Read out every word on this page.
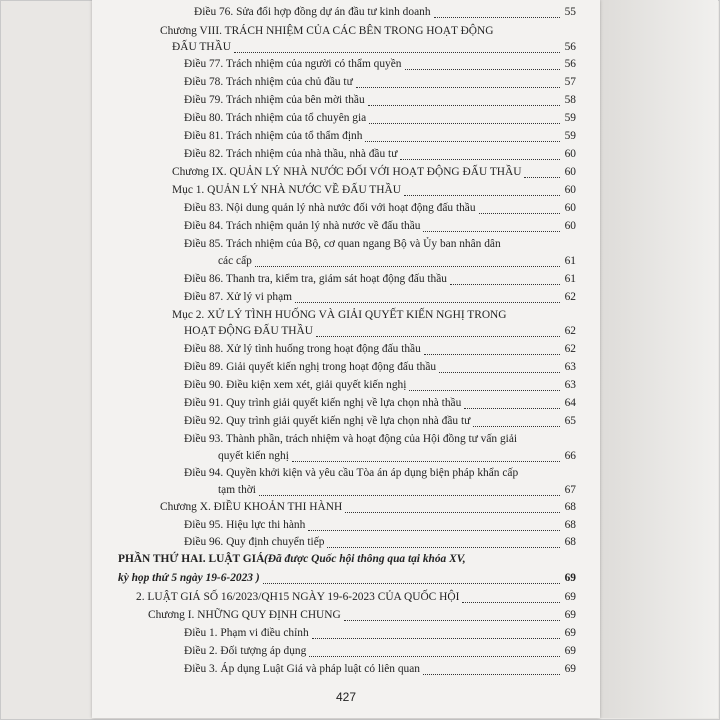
Điều 76. Sửa đổi hợp đồng dự án đầu tư kinh doanh	55
Chương VIII. TRÁCH NHIỆM CỦA CÁC BÊN TRONG HOẠT ĐỘNG
ĐẤU THẦU	56
Điều 77. Trách nhiệm của người có thẩm quyền	56
Điều 78. Trách nhiệm của chủ đầu tư	57
Điều 79. Trách nhiệm của bên mời thầu	58
Điều 80. Trách nhiệm của tổ chuyên gia	59
Điều 81. Trách nhiệm của tổ thẩm định	59
Điều 82. Trách nhiệm của nhà thầu, nhà đầu tư	60
Chương IX. QUẢN LÝ NHÀ NƯỚC ĐỐI VỚI HOẠT ĐỘNG ĐẤU THẦU	60
Mục 1. QUẢN LÝ NHÀ NƯỚC VỀ ĐẤU THẦU	60
Điều 83. Nội dung quản lý nhà nước đối với hoạt động đấu thầu	60
Điều 84. Trách nhiệm quản lý nhà nước về đấu thầu	60
Điều 85. Trách nhiệm của Bộ, cơ quan ngang Bộ và Ủy ban nhân dân
các cấp	61
Điều 86. Thanh tra, kiểm tra, giám sát hoạt động đấu thầu	61
Điều 87. Xử lý vi phạm	62
Mục 2. XỬ LÝ TÌNH HUỐNG VÀ GIẢI QUYẾT KIẾN NGHỊ TRONG
HOẠT ĐỘNG ĐẤU THẦU	62
Điều 88. Xử lý tình huống trong hoạt động đấu thầu	62
Điều 89. Giải quyết kiến nghị trong hoạt động đấu thầu	63
Điều 90. Điều kiện xem xét, giải quyết kiến nghị	63
Điều 91. Quy trình giải quyết kiến nghị về lựa chọn nhà thầu	64
Điều 92. Quy trình giải quyết kiến nghị về lựa chọn nhà đầu tư	65
Điều 93. Thành phần, trách nhiệm và hoạt động của Hội đồng tư vấn giải
quyết kiến nghị	66
Điều 94. Quyền khởi kiện và yêu cầu Tòa án áp dụng biện pháp khẩn cấp
tạm thời	67
Chương X. ĐIỀU KHOẢN THI HÀNH	68
Điều 95. Hiệu lực thi hành	68
Điều 96. Quy định chuyển tiếp	68
PHẦN THỨ HAI. LUẬT GIÁ (Đã được Quốc hội thông qua tại khóa XV,
kỳ họp thứ 5 ngày 19-6-2023 )	69
2. LUẬT GIÁ SỐ 16/2023/QH15 NGÀY 19-6-2023 CỦA QUỐC HỘI	69
Chương I. NHỮNG QUY ĐỊNH CHUNG	69
Điều 1. Phạm vi điều chỉnh	69
Điều 2. Đối tượng áp dụng	69
Điều 3. Áp dụng Luật Giá và pháp luật có liên quan	69
427
